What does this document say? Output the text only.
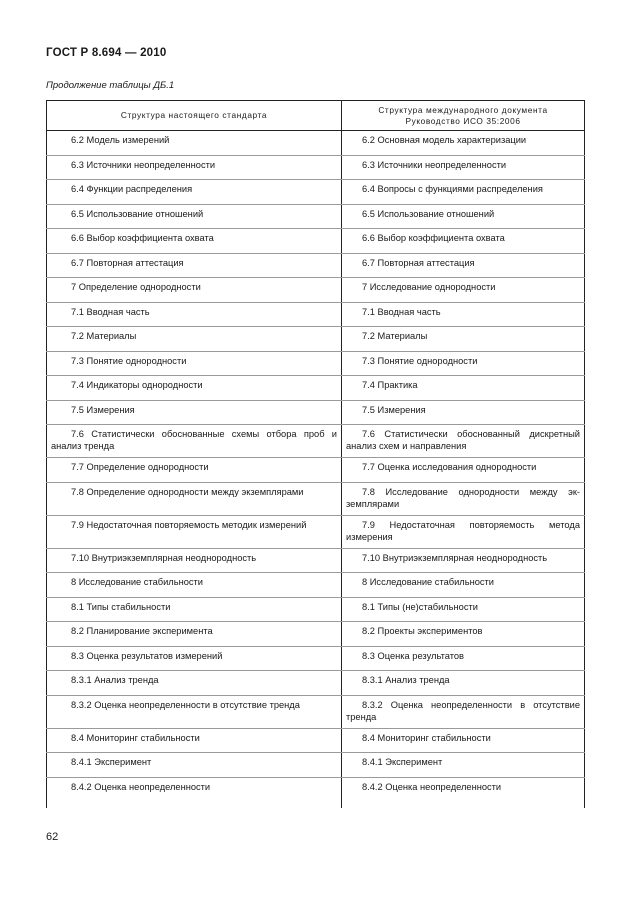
ГОСТ Р 8.694 — 2010
Продолжение таблицы ДБ.1
Структура настоящего стандарта	Структура международного документа
Руководство ИСО 35:2006
6.2 Модель измерений	6.2 Основная модель характеризации
6.3 Источники неопределенности	6.3 Источники неопределенности
6.4 Функции распределения	6.4 Вопросы с функциями распределения
6.5 Использование отношений	6.5 Использование отношений
6.6 Выбор коэффициента охвата	6.6 Выбор коэффициента охвата
6.7 Повторная аттестация	6.7 Повторная аттестация
7 Определение однородности	7 Исследование однородности
7.1 Вводная часть	7.1 Вводная часть
7.2 Материалы	7.2 Материалы
7.3 Понятие однородности	7.3 Понятие однородности
7.4 Индикаторы однородности	7.4 Практика
7.5 Измерения	7.5 Измерения
7.6 Статистически обоснованные схемы отбора проб и анализ тренда	7.6 Статистически обоснованный дискретный анализ схем и направления
7.7 Определение однородности	7.7 Оценка исследования однородности
7.8 Определение однородности между экземплярами	7.8 Исследование однородности между эк-земплярами
7.9 Недостаточная повторяемость методик измерений	7.9 Недостаточная повторяемость метода измерения
7.10 Внутриэкземплярная неоднородность	7.10 Внутриэкземплярная неоднородность
8 Исследование стабильности	8 Исследование стабильности
8.1 Типы стабильности	8.1 Типы (не)стабильности
8.2 Планирование эксперимента	8.2 Проекты экспериментов
8.3 Оценка результатов измерений	8.3 Оценка результатов
8.3.1 Анализ тренда	8.3.1 Анализ тренда
8.3.2 Оценка неопределенности в отсутствие тренда	8.3.2 Оценка неопределенности в отсутствие тренда
8.4 Мониторинг стабильности	8.4 Мониторинг стабильности
8.4.1 Эксперимент	8.4.1 Эксперимент
8.4.2 Оценка неопределенности	8.4.2 Оценка неопределенности
62
